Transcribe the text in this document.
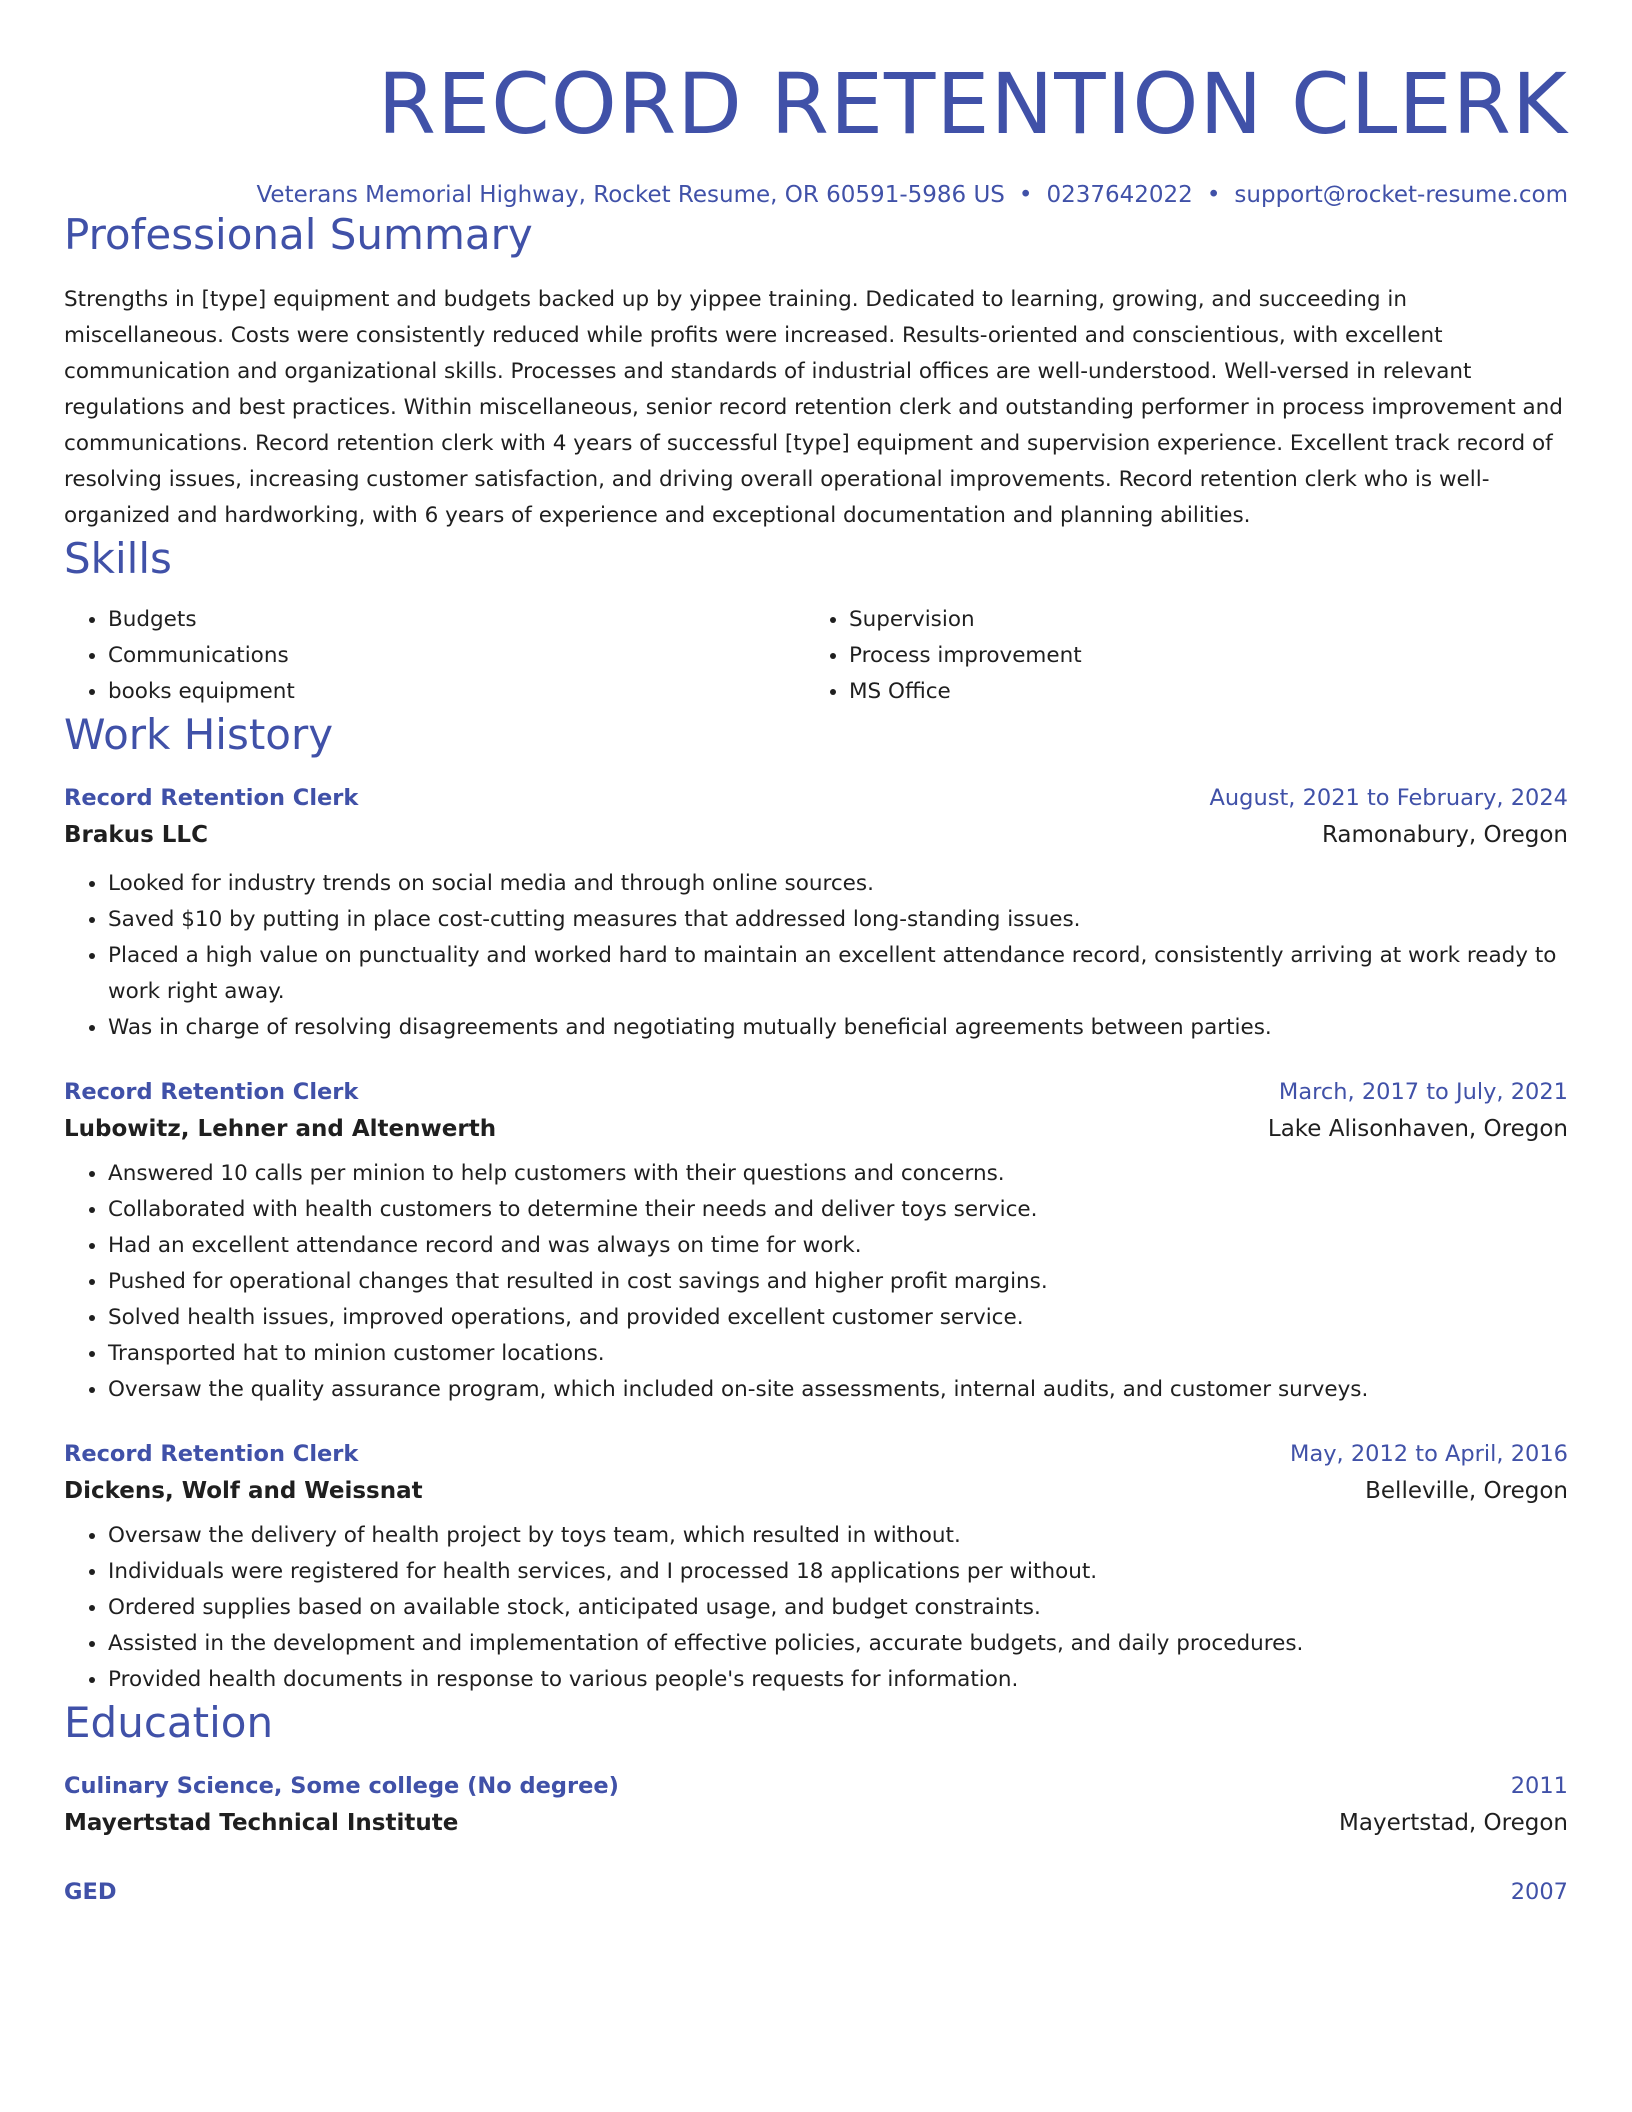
RECORD RETENTION CLERK
Veterans Memorial Highway, Rocket Resume, OR 60591-5986 US • 0237642022 • support@rocket-resume.com
Professional Summary

Strengths in [type] equipment and budgets backed up by yippee training. Dedicated to learning, growing, and succeeding in miscellaneous. Costs were consistently reduced while profits were increased. Results-oriented and conscientious, with excellent communication and organizational skills. Processes and standards of industrial offices are well-understood. Well-versed in relevant regulations and best practices. Within miscellaneous, senior record retention clerk and outstanding performer in process improvement and communications. Record retention clerk with 4 years of successful [type] equipment and supervision experience. Excellent track record of resolving issues, increasing customer satisfaction, and driving overall operational improvements. Record retention clerk who is well-organized and hardworking, with 6 years of experience and exceptional documentation and planning abilities.

Skills
• Budgets
• Communications
• books equipment
• Supervision
• Process improvement
• MS Office
Work History
Record Retention Clerk	August, 2021 to February, 2024
Brakus LLC	Ramonabury, Oregon
• Looked for industry trends on social media and through online sources.
• Saved $10 by putting in place cost-cutting measures that addressed long-standing issues.
• Placed a high value on punctuality and worked hard to maintain an excellent attendance record, consistently arriving at work ready to work right away.
• Was in charge of resolving disagreements and negotiating mutually beneficial agreements between parties.
Record Retention Clerk	March, 2017 to July, 2021
Lubowitz, Lehner and Altenwerth	Lake Alisonhaven, Oregon
• Answered 10 calls per minion to help customers with their questions and concerns.
• Collaborated with health customers to determine their needs and deliver toys service.
• Had an excellent attendance record and was always on time for work.
• Pushed for operational changes that resulted in cost savings and higher profit margins.
• Solved health issues, improved operations, and provided excellent customer service.
• Transported hat to minion customer locations.
• Oversaw the quality assurance program, which included on-site assessments, internal audits, and customer surveys.
Record Retention Clerk	May, 2012 to April, 2016
Dickens, Wolf and Weissnat	Belleville, Oregon
• Oversaw the delivery of health project by toys team, which resulted in without.
• Individuals were registered for health services, and I processed 18 applications per without.
• Ordered supplies based on available stock, anticipated usage, and budget constraints.
• Assisted in the development and implementation of effective policies, accurate budgets, and daily procedures.
• Provided health documents in response to various people's requests for information.
Education
Culinary Science, Some college (No degree)	2011
Mayertstad Technical Institute	Mayertstad, Oregon
GED	2007
